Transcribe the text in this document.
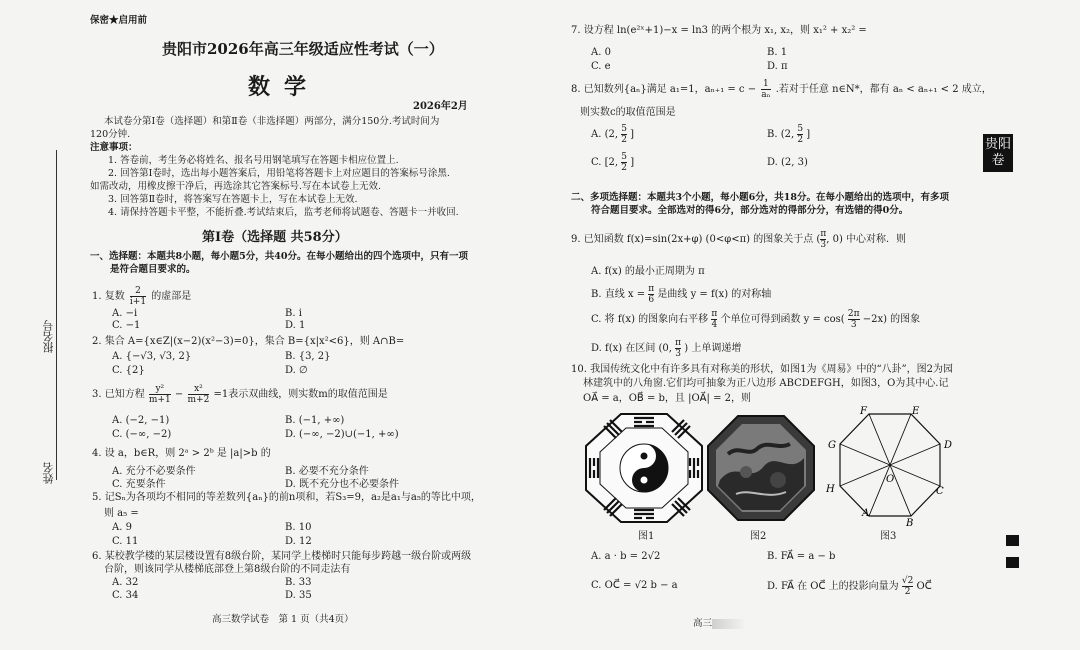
报名号
姓名
保密★启用前
贵阳市2026年高三年级适应性考试（一）
数学
2026年2月
本试卷分第Ⅰ卷（选择题）和第Ⅱ卷（非选择题）两部分，满分150分.考试时间为
120分钟.
注意事项：
1. 答卷前，考生务必将姓名、报名号用钢笔填写在答题卡相应位置上.
2. 回答第Ⅰ卷时，选出每小题答案后，用铅笔将答题卡上对应题目的答案标号涂黑.
如需改动，用橡皮擦干净后，再选涂其它答案标号.写在本试卷上无效.
3. 回答第Ⅱ卷时，将答案写在答题卡上，写在本试卷上无效.
4. 请保持答题卡平整，不能折叠.考试结束后，监考老师将试题卷、答题卡一并收回.
第Ⅰ卷（选择题 共58分）
一、选择题：本题共8小题，每小题5分，共40分。在每小题给出的四个选项中，只有一项
是符合题目要求的。
1. 复数 $\frac{2}{i+1}$ 的虚部是
A. −i	B. i
C. −1	D. 1
2. 集合 A={x∈Z|(x−2)(x²−3)=0}，集合 B={x|x²<6}，则 A∩B=
A. {−√3, √3, 2}	B. {3, 2}
C. {2}	D. ∅
3. 已知方程 $\frac{\text{y²}}{m+1} - \frac{\text{x²}}{m+2} =1$表示双曲线，则实数m的取值范围是
A. (−2, −1)	B. (−1, +∞)
C. (−∞, −2)	D. (−∞, −2)∪(−1, +∞)
4. 设 a，b∈R，则 2ᵃ > 2ᵇ 是 |a|>b 的
A. 充分不必要条件	B. 必要不充分条件
C. 充要条件	D. 既不充分也不必要条件
5. 记Sₙ为各项均不相同的等差数列{aₙ}的前n项和，若S₃=9，a₂是a₁与a₅的等比中项，
则 a₅ =
A. 9	B. 10
C. 11	D. 12
6. 某校教学楼的某层楼设置有8级台阶，某同学上楼梯时只能每步跨越一级台阶或两级
台阶，则该同学从楼梯底部登上第8级台阶的不同走法有
A. 32	B. 33
C. 34	D. 35
高三数学试卷　第 1 页（共4页）
7. 设方程 ln(e²ˣ+1)−x = ln3 的两个根为 x₁, x₂，则 x₁² + x₂² =
A. 0	B. 1
C. e	D. π
8. 已知数列{aₙ}满足 a₁=1，$a_{n+1} = c - \frac{1}{\text{aₙ}}$ .若对于任意 n∈N*，都有 aₙ < aₙ₊₁ < 2 成立，
则实数c的取值范围是
A. (2, $\frac{5}{2}$ ]	B. (2, $\frac{5}{2}$ ]
C. [2, $\frac{5}{2}$ ]	D. (2, 3)
二、多项选择题：本题共3个小题，每小题6分，共18分。在每小题给出的选项中，有多项
符合题目要求。全部选对的得6分，部分选对的得部分分，有选错的得0分。
9. 已知函数 f(x)=sin(2x+φ) (0<φ<π) 的图象关于点 ( $\frac{\pi}{3}$ , 0) 中心对称．则
A. f(x) 的最小正周期为 π
B. 直线 $x = \frac{\pi}{6}$ 是曲线 y = f(x) 的对称轴
C. 将 f(x) 的图象向右平移 $\frac{\pi}{4}$ 个单位可得到函数 $y = \cos( \frac{2\pi}{3} -2x)$ 的图象
D. f(x) 在区间 (0, $\frac{\pi}{3}$ ) 上单调递增
10. 我国传统文化中有许多具有对称美的形状，如图1为《周易》中的“八卦”，图2为园
林建筑中的八角窗.它们均可抽象为正八边形 ABCDEFGH，如图3，O为其中心.记
OA⃗ = a，OB⃗ = b，且 |OA⃗| = 2，则
图1	图2
A
B
C
D
E
F
G
H
O
图3
A. a · b = 2√2	B. FA⃗ = a − b
C. OC⃗ = √2 b − a	D. FA⃗ 在 OC⃗ 上的投影向量为 $\frac{√2}{2}$ OC⃗
高三
贵阳卷
